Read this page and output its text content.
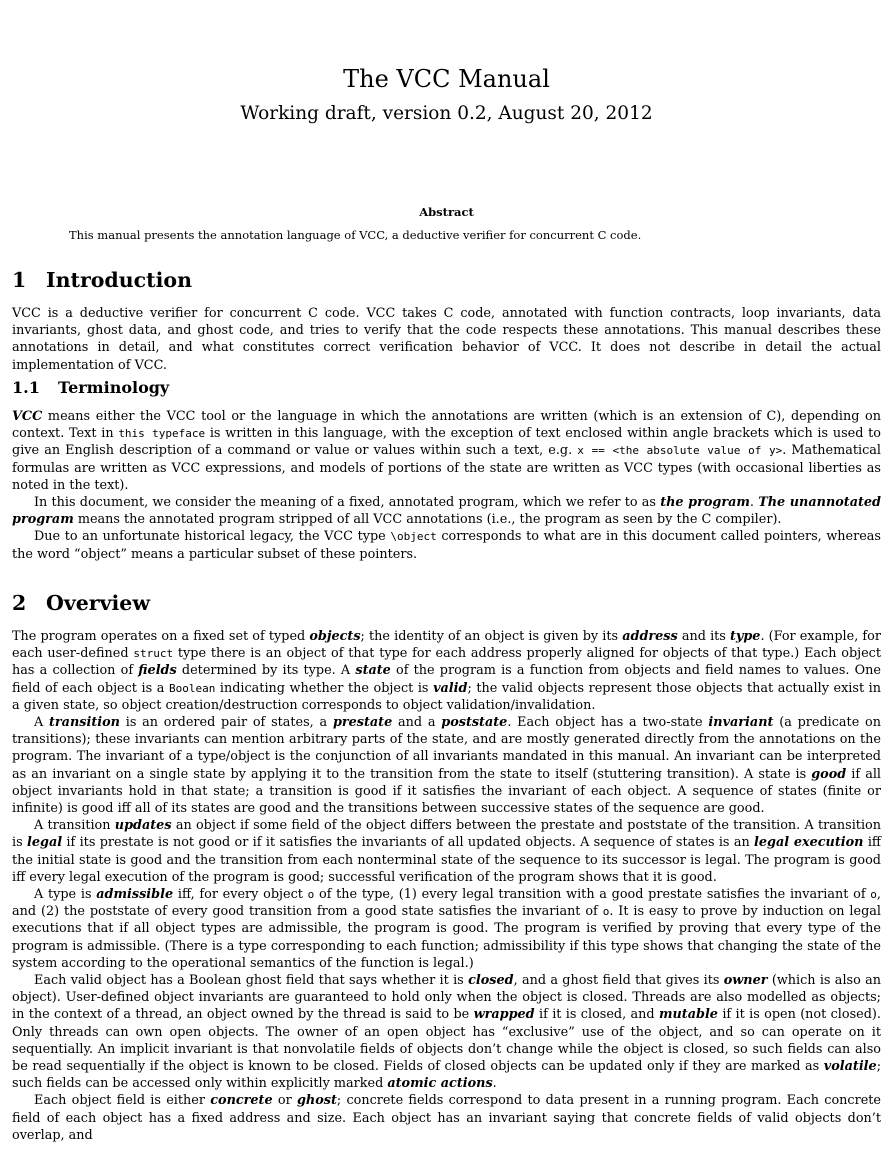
The VCC Manual
Working draft, version 0.2, August 20, 2012
Abstract
This manual presents the annotation language of VCC, a deductive verifier for concurrent C code.
1 Introduction

VCC is a deductive verifier for concurrent C code. VCC takes C code, annotated with function contracts, loop invariants, data invariants, ghost data, and ghost code, and tries to verify that the code respects these annotations. This manual describes these annotations in detail, and what constitutes correct verification behavior of VCC. It does not describe in detail the actual implementation of VCC.

1.1 Terminology

VCC means either the VCC tool or the language in which the annotations are written (which is an extension of C), depending on context. Text in this typeface is written in this language, with the exception of text enclosed within angle brackets which is used to give an English description of a command or value or values within such a text, e.g. x == <the absolute value of y>. Mathematical formulas are written as VCC expressions, and models of portions of the state are written as VCC types (with occasional liberties as noted in the text).

In this document, we consider the meaning of a fixed, annotated program, which we refer to as the program. The unannotated program means the annotated program stripped of all VCC annotations (i.e., the program as seen by the C compiler).

Due to an unfortunate historical legacy, the VCC type \object corresponds to what are in this document called pointers, whereas the word “object” means a particular subset of these pointers.

2 Overview

The program operates on a fixed set of typed objects; the identity of an object is given by its address and its type. (For example, for each user-defined struct type there is an object of that type for each address properly aligned for objects of that type.) Each object has a collection of fields determined by its type. A state of the program is a function from objects and field names to values. One field of each object is a Boolean indicating whether the object is valid; the valid objects represent those objects that actually exist in a given state, so object creation/destruction corresponds to object validation/invalidation.

A transition is an ordered pair of states, a prestate and a poststate. Each object has a two-state invariant (a predicate on transitions); these invariants can mention arbitrary parts of the state, and are mostly generated directly from the annotations on the program. The invariant of a type/object is the conjunction of all invariants mandated in this manual. An invariant can be interpreted as an invariant on a single state by applying it to the transition from the state to itself (stuttering transition). A state is good if all object invariants hold in that state; a transition is good if it satisfies the invariant of each object. A sequence of states (finite or infinite) is good iff all of its states are good and the transitions between successive states of the sequence are good.

A transition updates an object if some field of the object differs between the prestate and poststate of the transition. A transition is legal if its prestate is not good or if it satisfies the invariants of all updated objects. A sequence of states is an legal execution iff the initial state is good and the transition from each nonterminal state of the sequence to its successor is legal. The program is good iff every legal execution of the program is good; successful verification of the program shows that it is good.

A type is admissible iff, for every object o of the type, (1) every legal transition with a good prestate satisfies the invariant of o, and (2) the poststate of every good transition from a good state satisfies the invariant of o. It is easy to prove by induction on legal executions that if all object types are admissible, the program is good. The program is verified by proving that every type of the program is admissible. (There is a type corresponding to each function; admissibility if this type shows that changing the state of the system according to the operational semantics of the function is legal.)

Each valid object has a Boolean ghost field that says whether it is closed, and a ghost field that gives its owner (which is also an object). User-defined object invariants are guaranteed to hold only when the object is closed. Threads are also modelled as objects; in the context of a thread, an object owned by the thread is said to be wrapped if it is closed, and mutable if it is open (not closed). Only threads can own open objects. The owner of an open object has “exclusive” use of the object, and so can operate on it sequentially. An implicit invariant is that nonvolatile fields of objects don’t change while the object is closed, so such fields can also be read sequentially if the object is known to be closed. Fields of closed objects can be updated only if they are marked as volatile; such fields can be accessed only within explicitly marked atomic actions.

Each object field is either concrete or ghost; concrete fields correspond to data present in a running program. Each concrete field of each object has a fixed address and size. Each object has an invariant saying that concrete fields of valid objects don’t overlap, and
